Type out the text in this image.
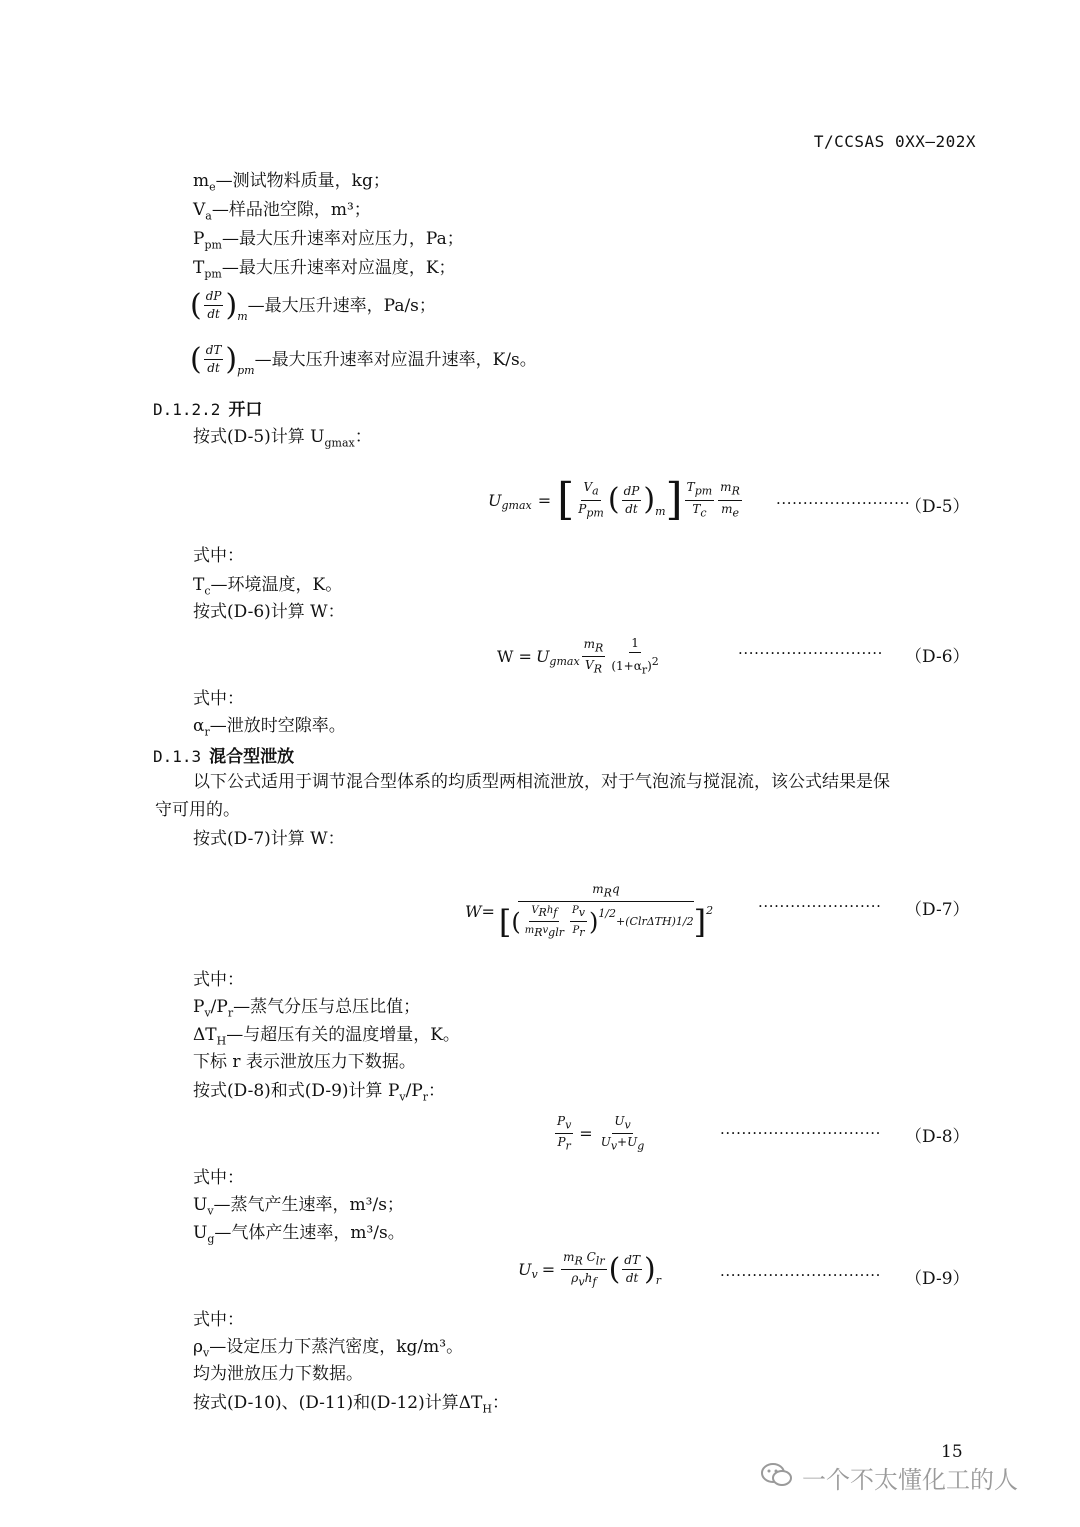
T/CCSAS 0XX—202X
$m_e—$测试物料质量，kg；
$V_a—$样品池空隙，m³；
$P_{pm}—$最大压升速率对应压力，Pa；
$T_{pm}—$最大压升速率对应温度，K；
( $\frac{dP}{dt} )_m$
—最大压升速率，Pa/s；
( $\frac{dT}{dt} )_{pm}$
—最大压升速率对应温升速率，K/s。
D.1.2.2 开口
按式(D-5)计算 $U_{gmax}$：
$U_{gmax}$ = [ $\frac{V_a}{P_{pm}}$ ( $\frac{dP}{dt} )_m$ ] $\frac{T_{pm}}{T_c} \frac{m_R}{m_e}$ ·························
（D-5）
式中：
$T_c—$环境温度，K。
按式(D-6)计算 W：
$W = U_{gmax} \frac{m_R}{V_R} \frac{1}{(1+\alpha_r)^2}$	··························· （D-6）
式中：
$\alpha_r—$泄放时空隙率。
D.1.3 混合型泄放
以下公式适用于调节混合型体系的均质型两相流泄放，对于气泡流与搅混流，该公式结果是保
守可用的。
按式(D-7)计算 W：
W =
$m_Rq$
[ ( $\frac{V_Rh_f}{m_Rv_{glr}} \frac{P_v}{P_r}$ ) 1/2
+ (C lr ΔT H ) 1/2 ] 2	······················· （D-7）
式中：
$P_v/P_r—$蒸气分压与总压比值；
$\Delta T_H—$与超压有关的温度增量，K。
下标 r 表示泄放压力下数据。
按式(D-8)和式(D-9)计算 $P_v/P_r$：
$\frac{P_v}{P_r} = \frac{U_v}{U_v+U_g}$	······························ （D-8）
式中：
$U_v—$蒸气产生速率，m³/s；
$U_g—$气体产生速率，m³/s。
$U_v = \frac{m_R C_{lr}}{\rho_vh_f}$ ( $\frac{dT}{dt} )_r$	······························ （D-9）
式中：
$\rho_v—$设定压力下蒸汽密度，kg/m³。
均为泄放压力下数据。
按式(D-10)、(D-11)和(D-12)计算$\Delta T_H$：
15
一个不太懂化工的人
